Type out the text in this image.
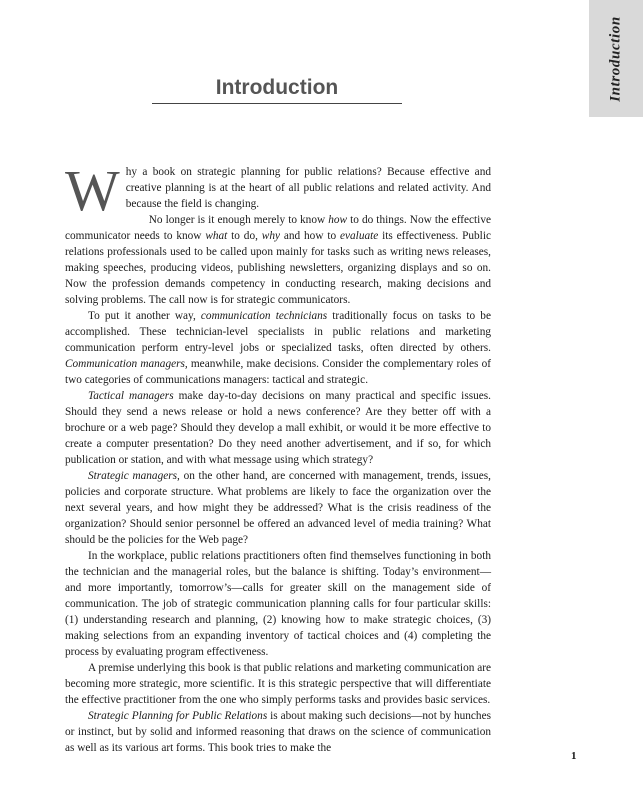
Introduction
Introduction

Why a book on strategic planning for public relations? Because effective and creative planning is at the heart of all public relations and related activity. And because the field is changing.

No longer is it enough merely to know how to do things. Now the effective communicator needs to know what to do, why and how to evaluate its effectiveness. Public relations professionals used to be called upon mainly for tasks such as writing news releases, making speeches, producing videos, publishing newsletters, organizing displays and so on. Now the profession demands competency in conducting research, making decisions and solving problems. The call now is for strategic communicators.

To put it another way, communication technicians traditionally focus on tasks to be accomplished. These technician-level specialists in public relations and marketing communication perform entry-level jobs or specialized tasks, often directed by others. Communication managers, meanwhile, make decisions. Consider the complementary roles of two categories of communications managers: tactical and strategic.

Tactical managers make day-to-day decisions on many practical and specific issues. Should they send a news release or hold a news conference? Are they better off with a brochure or a web page? Should they develop a mall exhibit, or would it be more effective to create a computer presentation? Do they need another advertisement, and if so, for which publication or station, and with what message using which strategy?

Strategic managers, on the other hand, are concerned with management, trends, issues, policies and corporate structure. What problems are likely to face the organization over the next several years, and how might they be addressed? What is the crisis readiness of the organization? Should senior personnel be offered an advanced level of media training? What should be the policies for the Web page?

In the workplace, public relations practitioners often find themselves functioning in both the technician and the managerial roles, but the balance is shifting. Today’s environment—and more importantly, tomorrow’s—calls for greater skill on the management side of communication. The job of strategic communication planning calls for four particular skills: (1) understanding research and planning, (2) knowing how to make strategic choices, (3) making selections from an expanding inventory of tactical choices and (4) completing the process by evaluating program effectiveness.

A premise underlying this book is that public relations and marketing communication are becoming more strategic, more scientific. It is this strategic perspective that will differentiate the effective practitioner from the one who simply performs tasks and provides basic services.

Strategic Planning for Public Relations is about making such decisions—not by hunches or instinct, but by solid and informed reasoning that draws on the science of communication as well as its various art forms. This book tries to make the

1
